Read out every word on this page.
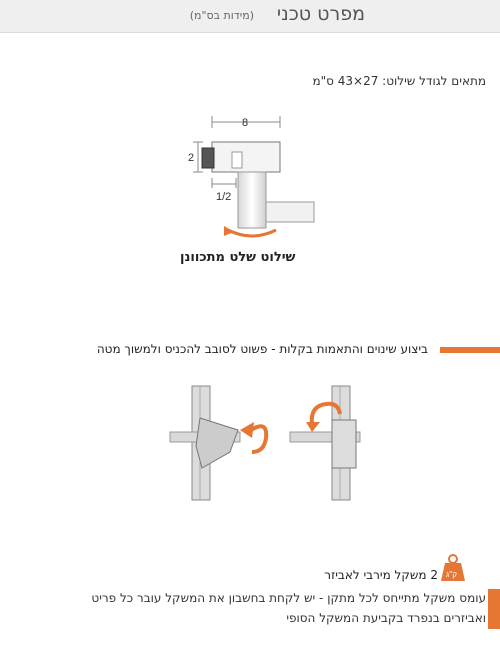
מפרט טכני
(מידות בס"מ)
מתאים לגודל שילוט: 27×43 ס"מ
8
2
1/2
שילוט שלט מתכוונן
ביצוע שינוים והתאמות בקלות - פשוט לסובב להכניס ולמשוך מטה
ק"ג
2 משקל מירבי לאביזר
עומס משקל מתייחס לכל מתקן - יש לקחת בחשבון את המשקל עובר כל פריט
ואביזרים בנפרד בקביעת המשקל הסופי
